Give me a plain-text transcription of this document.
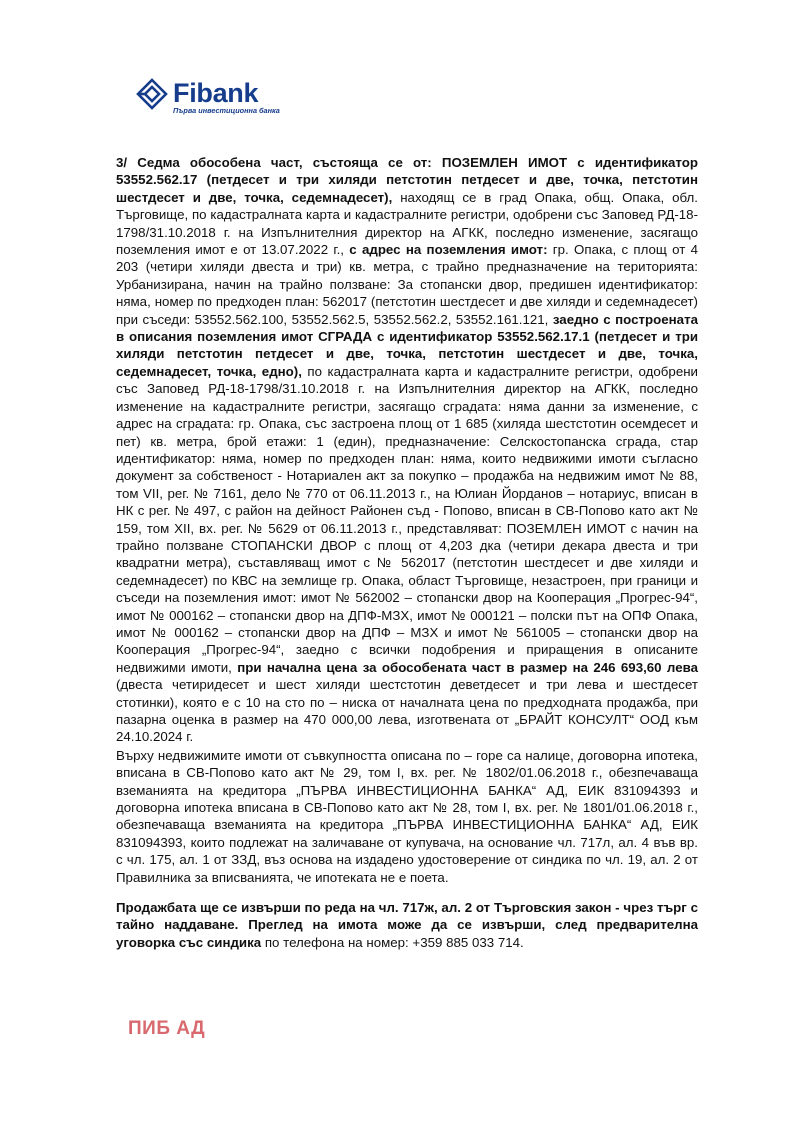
Fibank
Първа инвестиционна банка

3/ Седма обособена част, състояща се от: ПОЗЕМЛЕН ИМОТ с идентификатор 53552.562.17 (петдесет и три хиляди петстотин петдесет и две, точка, петстотин шестдесет и две, точка, седемнадесет), находящ се в град Опака, общ. Опака, обл. Търговище, по кадастралната карта и кадастралните регистри, одобрени със Заповед РД-18-1798/31.10.2018 г. на Изпълнителния директор на АГКК, последно изменение, засягащо поземления имот е от 13.07.2022 г., с адрес на поземления имот: гр. Опака, с площ от 4 203 (четири хиляди двеста и три) кв. метра, с трайно предназначение на територията: Урбанизирана, начин на трайно ползване: За стопански двор, предишен идентификатор: няма, номер по предходен план: 562017 (петстотин шестдесет и две хиляди и седемнадесет) при съседи: 53552.562.100, 53552.562.5, 53552.562.2, 53552.161.121, заедно с построената в описания поземления имот СГРАДА с идентификатор 53552.562.17.1 (петдесет и три хиляди петстотин петдесет и две, точка, петстотин шестдесет и две, точка, седемнадесет, точка, едно), по кадастралната карта и кадастралните регистри, одобрени със Заповед РД-18-1798/31.10.2018 г. на Изпълнителния директор на АГКК, последно изменение на кадастралните регистри, засягащо сградата: няма данни за изменение, с адрес на сградата: гр. Опака, със застроена площ от 1 685 (хиляда шестстотин осемдесет и пет) кв. метра, брой етажи: 1 (един), предназначение: Селскостопанска сграда, стар идентификатор: няма, номер по предходен план: няма, които недвижими имоти съгласно документ за собственост - Нотариален акт за покупко – продажба на недвижим имот № 88, том VII, рег. № 7161, дело № 770 от 06.11.2013 г., на Юлиан Йорданов – нотариус, вписан в НК с рег. № 497, с район на дейност Районен съд - Попово, вписан в СВ-Попово като акт № 159, том XII, вх. рег. № 5629 от 06.11.2013 г., представляват: ПОЗЕМЛЕН ИМОТ с начин на трайно ползване СТОПАНСКИ ДВОР с площ от 4,203 дка (четири декара двеста и три квадратни метра), съставляващ имот с № 562017 (петстотин шестдесет и две хиляди и седемнадесет) по КВС на землище гр. Опака, област Търговище, незастроен, при граници и съседи на поземления имот: имот № 562002 – стопански двор на Кооперация „Прогрес-94“, имот № 000162 – стопански двор на ДПФ-МЗХ, имот № 000121 – полски път на ОПФ Опака, имот № 000162 – стопански двор на ДПФ – МЗХ и имот № 561005 – стопански двор на Кооперация „Прогрес-94“, заедно с всички подобрения и приращения в описаните недвижими имоти, при начална цена за обособената част в размер на 246 693,60 лева (двеста четиридесет и шест хиляди шестстотин деветдесет и три лева и шестдесет стотинки), която е с 10 на сто по – ниска от началната цена по предходната продажба, при пазарна оценка в размер на 470 000,00 лева, изготвената от „БРАЙТ КОНСУЛТ“ ООД към 24.10.2024 г.

Върху недвижимите имоти от съвкупността описана по – горе са налице, договорна ипотека, вписана в СВ-Попово като акт № 29, том I, вх. рег. № 1802/01.06.2018 г., обезпечаваща вземанията на кредитора „ПЪРВА ИНВЕСТИЦИОННА БАНКА“ АД, ЕИК 831094393 и договорна ипотека вписана в СВ-Попово като акт № 28, том I, вх. рег. № 1801/01.06.2018 г., обезпечаваща вземанията на кредитора „ПЪРВА ИНВЕСТИЦИОННА БАНКА“ АД, ЕИК 831094393, които подлежат на заличаване от купувача, на основание чл. 717л, ал. 4 във вр. с чл. 175, ал. 1 от ЗЗД, въз основа на издадено удостоверение от синдика по чл. 19, ал. 2 от Правилника за вписванията, че ипотеката не е поета.

Продажбата ще се извърши по реда на чл. 717ж, ал. 2 от Търговския закон - чрез търг с тайно наддаване. Преглед на имота може да се извърши, след предварителна уговорка със синдика по телефона на номер: +359 885 033 714.

ПИБ АД
